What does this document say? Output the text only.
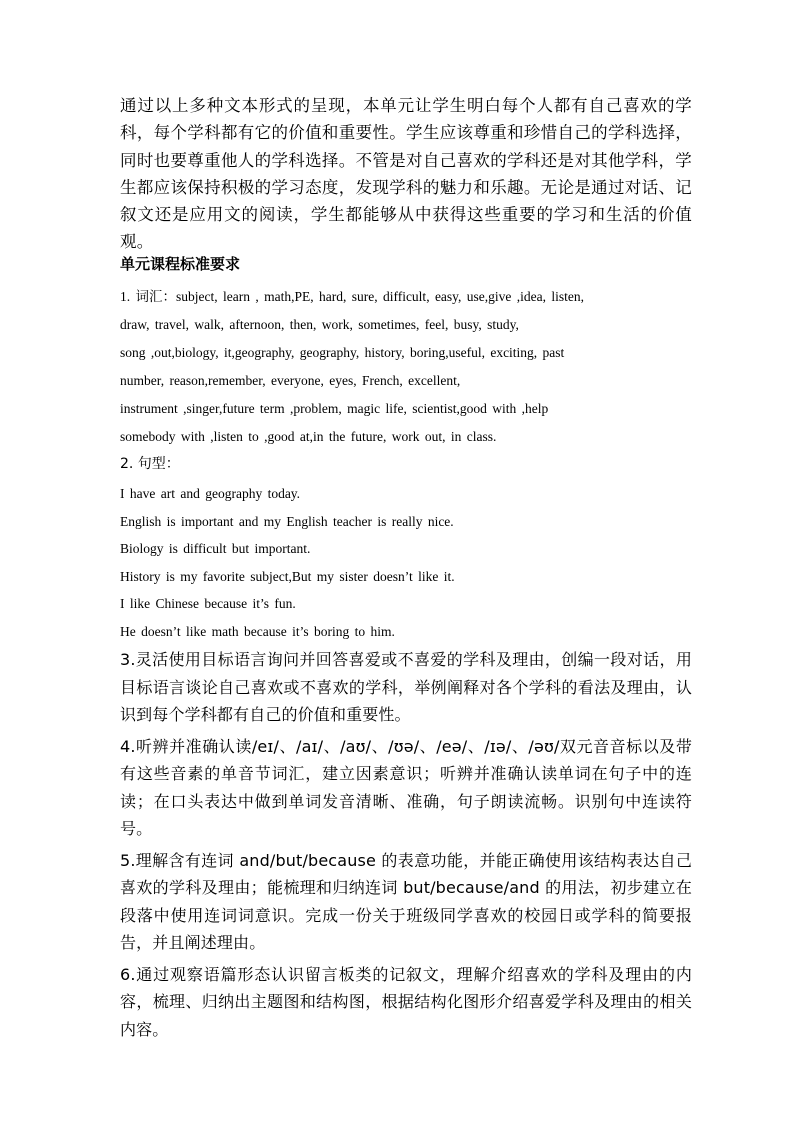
通过以上多种文本形式的呈现，本单元让学生明白每个人都有自己喜欢的学科，每个学科都有它的价值和重要性。学生应该尊重和珍惜自己的学科选择，同时也要尊重他人的学科选择。不管是对自己喜欢的学科还是对其他学科，学生都应该保持积极的学习态度，发现学科的魅力和乐趣。无论是通过对话、记叙文还是应用文的阅读，学生都能够从中获得这些重要的学习和生活的价值观。

单元课程标准要求
1. 词汇：subject, learn , math,PE, hard, sure, difficult, easy, use,give ,idea, listen,
draw, travel, walk, afternoon, then, work, sometimes, feel, busy, study,
song ,out,biology, it,geography, geography, history, boring,useful, exciting, past
number, reason,remember, everyone, eyes, French, excellent,
instrument ,singer,future term ,problem, magic life, scientist,good with ,help
somebody with ,listen to ,good at,in the future, work out, in class.
2. 句型：
I have art and geography today.
English is important and my English teacher is really nice.
Biology is difficult but important.
History is my favorite subject,But my sister doesn’t like it.
I like Chinese because it’s fun.
He doesn’t like math because it’s boring to him.

3.灵活使用目标语言询问并回答喜爱或不喜爱的学科及理由，创编一段对话，用目标语言谈论自己喜欢或不喜欢的学科，举例阐释对各个学科的看法及理由，认识到每个学科都有自己的价值和重要性。

4.听辨并准确认读/eɪ/、/aɪ/、/aʊ/、/ʊə/、/eə/、/ɪə/、/əʊ/双元音音标以及带有这些音素的单音节词汇，建立因素意识；听辨并准确认读单词在句子中的连读；在口头表达中做到单词发音清晰、准确，句子朗读流畅。识别句中连读符号。

5.理解含有连词 and/but/because 的表意功能，并能正确使用该结构表达自己喜欢的学科及理由；能梳理和归纳连词 but/because/and 的用法，初步建立在段落中使用连词词意识。完成一份关于班级同学喜欢的校园日或学科的简要报告，并且阐述理由。

6.通过观察语篇形态认识留言板类的记叙文，理解介绍喜欢的学科及理由的内容，梳理、归纳出主题图和结构图，根据结构化图形介绍喜爱学科及理由的相关内容。
